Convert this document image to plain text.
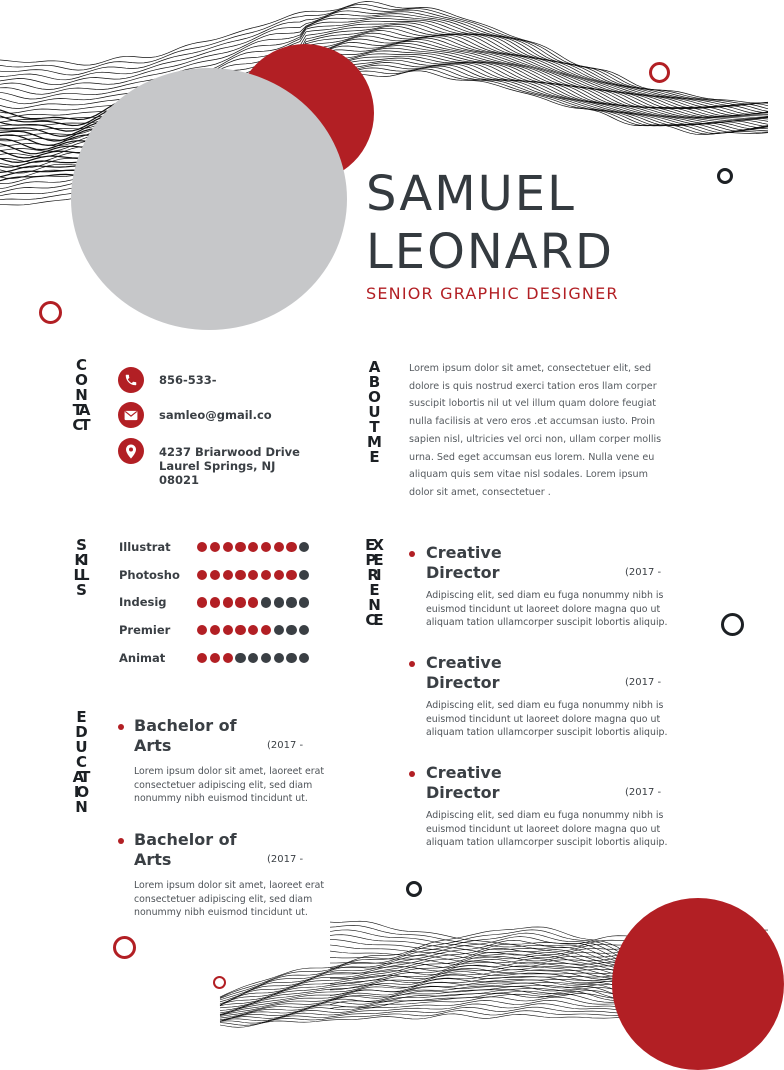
SAMUEL
LEONARD

SENIOR GRAPHIC DESIGNER

CONTACT
ABOUT ME
SKILLS
EXPERIENCE
EDUCATION
856-533-
samleo@gmail.co
4237 Briarwood Drive
Laurel Springs, NJ
08021

Lorem ipsum dolor sit amet, consectetuer elit, sed dolore is quis nostrud exerci tation eros llam corper suscipit lobortis nil ut vel illum quam dolore feugiat nulla facilisis at vero eros .et accumsan iusto. Proin sapien nisl, ultricies vel orci non, ullam corper mollis urna. Sed eget accumsan eus lorem. Nulla vene eu aliquam quis sem vitae nisl sodales. Lorem ipsum dolor sit amet, consectetuer .

Illustrat
Photosho
Indesig
Premier
Animat

Creative
Director	(2017 -

Adipiscing elit, sed diam eu fuga nonummy nibh is euismod tincidunt ut laoreet dolore magna quo ut aliquam tation ullamcorper suscipit lobortis aliquip.

Creative
Director	(2017 -

Adipiscing elit, sed diam eu fuga nonummy nibh is euismod tincidunt ut laoreet dolore magna quo ut aliquam tation ullamcorper suscipit lobortis aliquip.

Creative
Director	(2017 -

Adipiscing elit, sed diam eu fuga nonummy nibh is euismod tincidunt ut laoreet dolore magna quo ut aliquam tation ullamcorper suscipit lobortis aliquip.

Bachelor of
Arts	(2017 -

Lorem ipsum dolor sit amet, laoreet erat consectetuer adipiscing elit, sed diam nonummy nibh euismod tincidunt ut.

Bachelor of
Arts	(2017 -

Lorem ipsum dolor sit amet, laoreet erat consectetuer adipiscing elit, sed diam nonummy nibh euismod tincidunt ut.
